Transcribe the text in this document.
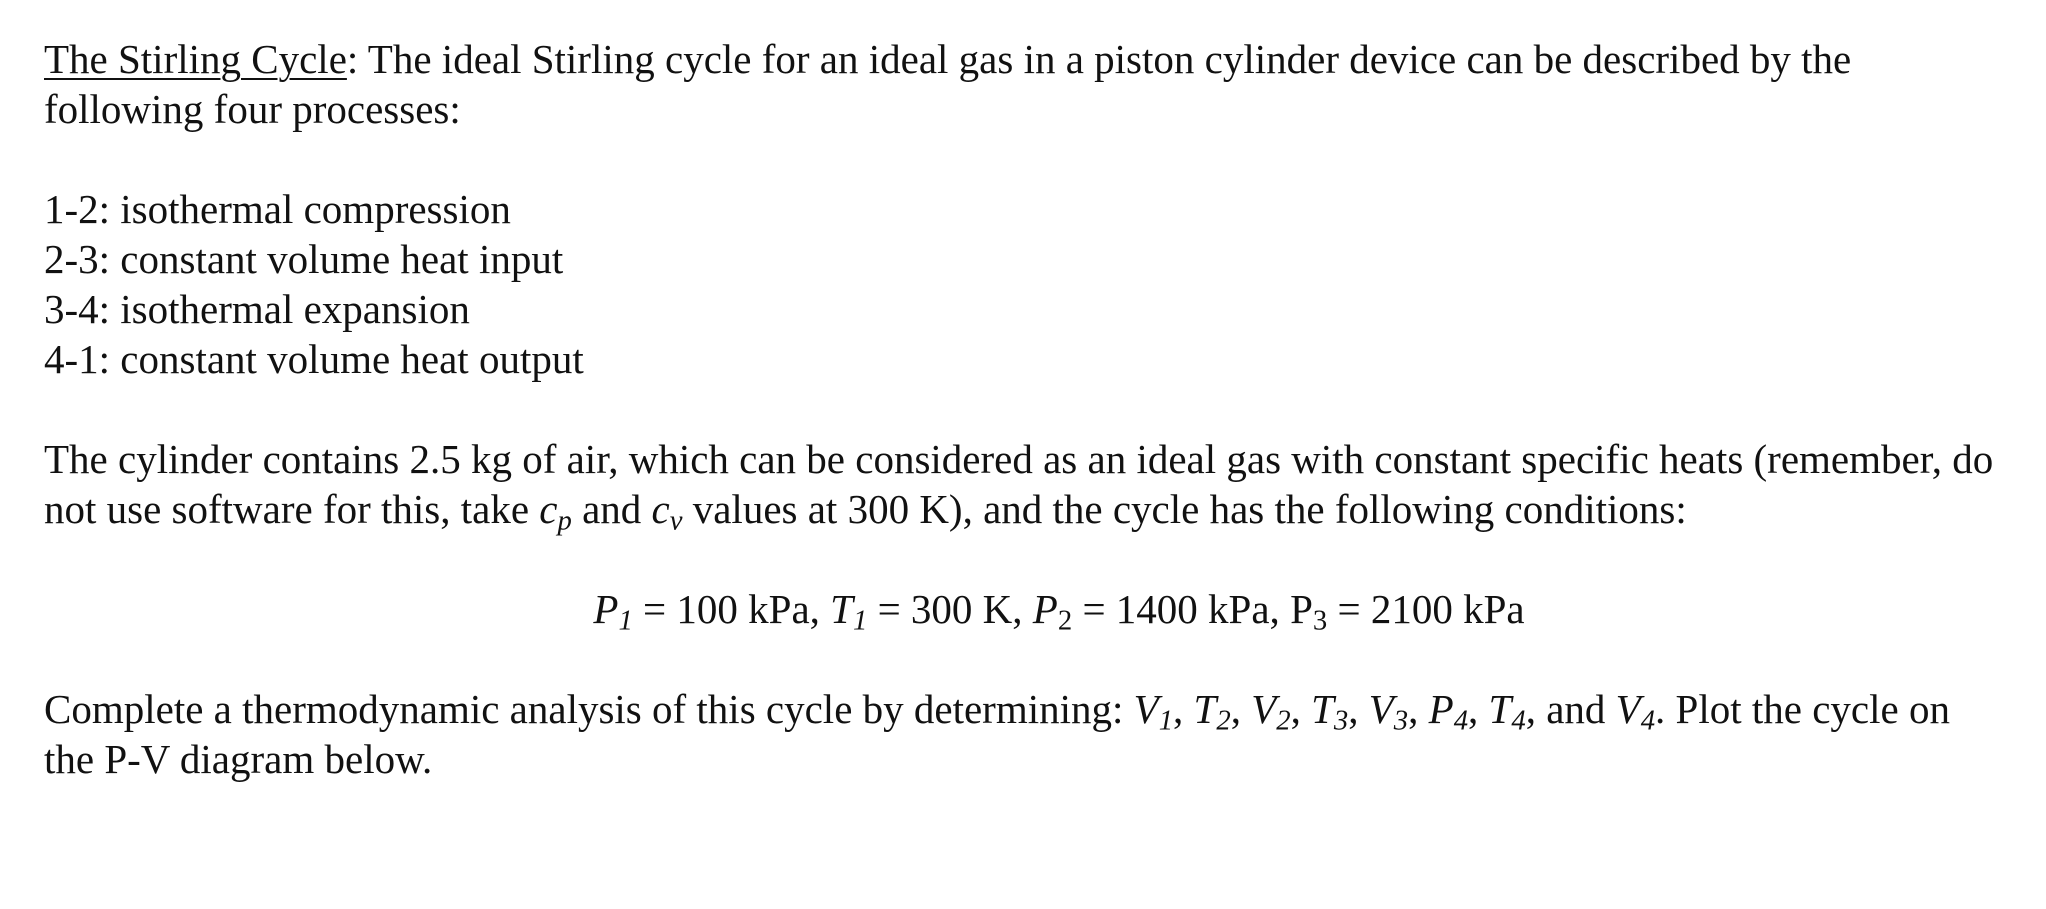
The Stirling Cycle: The ideal Stirling cycle for an ideal gas in a piston cylinder device can be described by the following four processes:

1-2: isothermal compression
2-3: constant volume heat input
3-4: isothermal expansion
4-1: constant volume heat output

The cylinder contains 2.5 kg of air, which can be considered as an ideal gas with constant specific heats (remember, do not use software for this, take $c_p$ and $c_v$ values at 300 K), and the cycle has the following conditions:

$P_1 = 100$ kPa, $T_1 = 300$ K, $P_2 = 1400$ kPa, $P_3 = 2100$ kPa

Complete a thermodynamic analysis of this cycle by determining: $V_1$, $T_2$, $V_2$, $T_3$, $V_3$, $P_4$, $T_4$, and $V_4$. Plot the cycle on the P-V diagram below.
